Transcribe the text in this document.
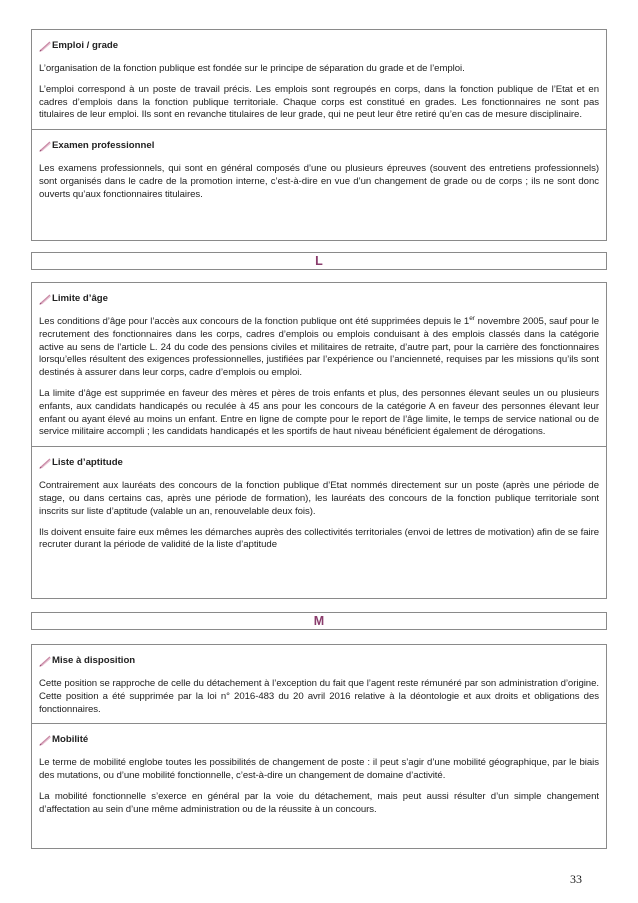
Emploi / grade

L’organisation de la fonction publique est fondée sur le principe de séparation du grade et de l’emploi.

L’emploi correspond à un poste de travail précis. Les emplois sont regroupés en corps, dans la fonction publique de l’Etat et en cadres d’emplois dans la fonction publique territoriale. Chaque corps est constitué en grades. Les fonctionnaires ne sont pas titulaires de leur emploi. Ils sont en revanche titulaires de leur grade, qui ne peut leur être retiré qu’en cas de mesure disciplinaire.

Examen professionnel

Les examens professionnels, qui sont en général composés d’une ou plusieurs épreuves (souvent des entretiens professionnels) sont organisés dans le cadre de la promotion interne, c’est-à-dire en vue d’un changement de grade ou de corps ; ils ne sont donc ouverts qu’aux fonctionnaires titulaires.

L
Limite d’âge

Les conditions d’âge pour l’accès aux concours de la fonction publique ont été supprimées depuis le 1er novembre 2005, sauf pour le recrutement des fonctionnaires dans les corps, cadres d’emplois ou emplois conduisant à des emplois classés dans la catégorie active au sens de l’article L. 24 du code des pensions civiles et militaires de retraite, d’autre part, pour la carrière des fonctionnaires lorsqu’elles résultent des exigences professionnelles, justifiées par l’expérience ou l’ancienneté, requises par les missions qu’ils sont destinés à assurer dans leur corps, cadre d’emplois ou emploi.

La limite d’âge est supprimée en faveur des mères et pères de trois enfants et plus, des personnes élevant seules un ou plusieurs enfants, aux candidats handicapés ou reculée à 45 ans pour les concours de la catégorie A en faveur des personnes élevant leur enfant ou ayant élevé au moins un enfant. Entre en ligne de compte pour le report de l’âge limite, le temps de service national ou de service militaire accompli ; les candidats handicapés et les sportifs de haut niveau bénéficient également de dérogations.

Liste d’aptitude

Contrairement aux lauréats des concours de la fonction publique d’Etat nommés directement sur un poste (après une période de stage, ou dans certains cas, après une période de formation), les lauréats des concours de la fonction publique territoriale sont inscrits sur liste d’aptitude (valable un an, renouvelable deux fois).

Ils doivent ensuite faire eux mêmes les démarches auprès des collectivités territoriales (envoi de lettres de motivation) afin de se faire recruter durant la période de validité de la liste d’aptitude

M
Mise à disposition

Cette position se rapproche de celle du détachement à l’exception du fait que l’agent reste rémunéré par son administration d’origine. Cette position a été supprimée par la loi n° 2016-483 du 20 avril 2016 relative à la déontologie et aux droits et obligations des fonctionnaires.

Mobilité

Le terme de mobilité englobe toutes les possibilités de changement de poste : il peut s’agir d’une mobilité géographique, par le biais des mutations, ou d’une mobilité fonctionnelle, c’est-à-dire un changement de domaine d’activité.

La mobilité fonctionnelle s’exerce en général par la voie du détachement, mais peut aussi résulter d’un simple changement d’affectation au sein d’une même administration ou de la réussite à un concours.

33
